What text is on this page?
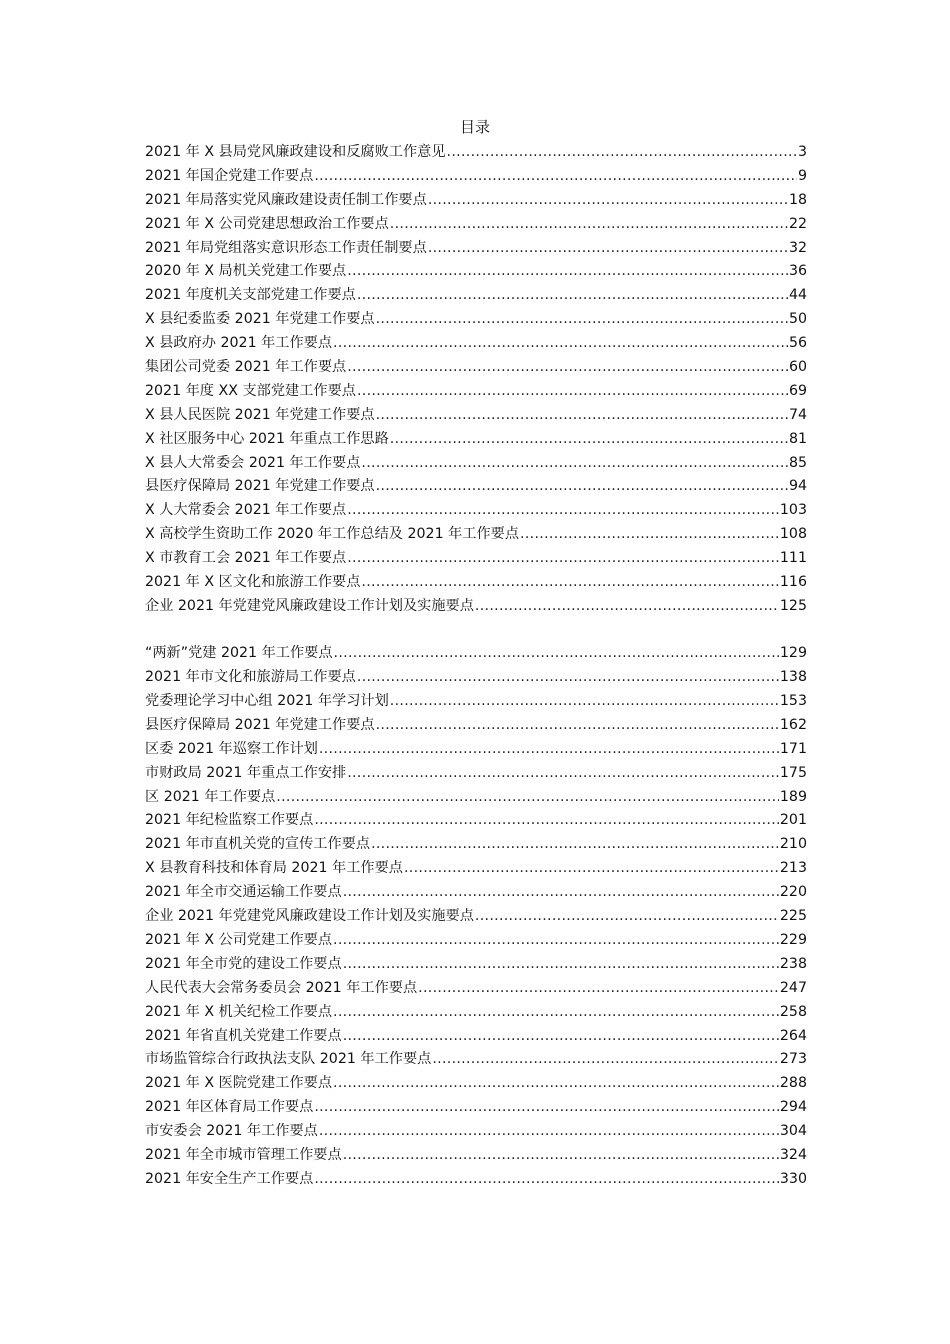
目录
2021 年 X 县局党风廉政建设和反腐败工作意见 .....	3
2021 年国企党建工作要点 .....	9
2021 年局落实党风廉政建设责任制工作要点 .....	18
2021 年 X 公司党建思想政治工作要点 .....	22
2021 年局党组落实意识形态工作责任制要点 .....	32
2020 年 X 局机关党建工作要点 .....	36
2021 年度机关支部党建工作要点 .....	44
X 县纪委监委 2021 年党建工作要点 .....	50
X 县政府办 2021 年工作要点 .....	56
集团公司党委 2021 年工作要点 .....	60
2021 年度 XX 支部党建工作要点 .....	69
X 县人民医院 2021 年党建工作要点 .....	74
X 社区服务中心 2021 年重点工作思路 .....	81
X 县人大常委会 2021 年工作要点 .....	85
县医疗保障局 2021 年党建工作要点 .....	94
X 人大常委会 2021 年工作要点 .....	103
X 高校学生资助工作 2020 年工作总结及 2021 年工作要点 .....	108
X 市教育工会 2021 年工作要点 .....	111
2021 年 X 区文化和旅游工作要点 .....	116
企业 2021 年党建党风廉政建设工作计划及实施要点 .....	125
“两新”党建 2021 年工作要点 .....	129
2021 年市文化和旅游局工作要点 .....	138
党委理论学习中心组 2021 年学习计划 .....	153
县医疗保障局 2021 年党建工作要点 .....	162
区委 2021 年巡察工作计划 .....	171
市财政局 2021 年重点工作安排 .....	175
区 2021 年工作要点 .....	189
2021 年纪检监察工作要点 .....	201
2021 年市直机关党的宣传工作要点 .....	210
X 县教育科技和体育局 2021 年工作要点 .....	213
2021 年全市交通运输工作要点 .....	220
企业 2021 年党建党风廉政建设工作计划及实施要点 .....	225
2021 年 X 公司党建工作要点 .....	229
2021 年全市党的建设工作要点 .....	238
人民代表大会常务委员会 2021 年工作要点 .....	247
2021 年 X 机关纪检工作要点 .....	258
2021 年省直机关党建工作要点 .....	264
市场监管综合行政执法支队 2021 年工作要点 .....	273
2021 年 X 医院党建工作要点 .....	288
2021 年区体育局工作要点 .....	294
市安委会 2021 年工作要点 .....	304
2021 年全市城市管理工作要点 .....	324
2021 年安全生产工作要点 .....	330
